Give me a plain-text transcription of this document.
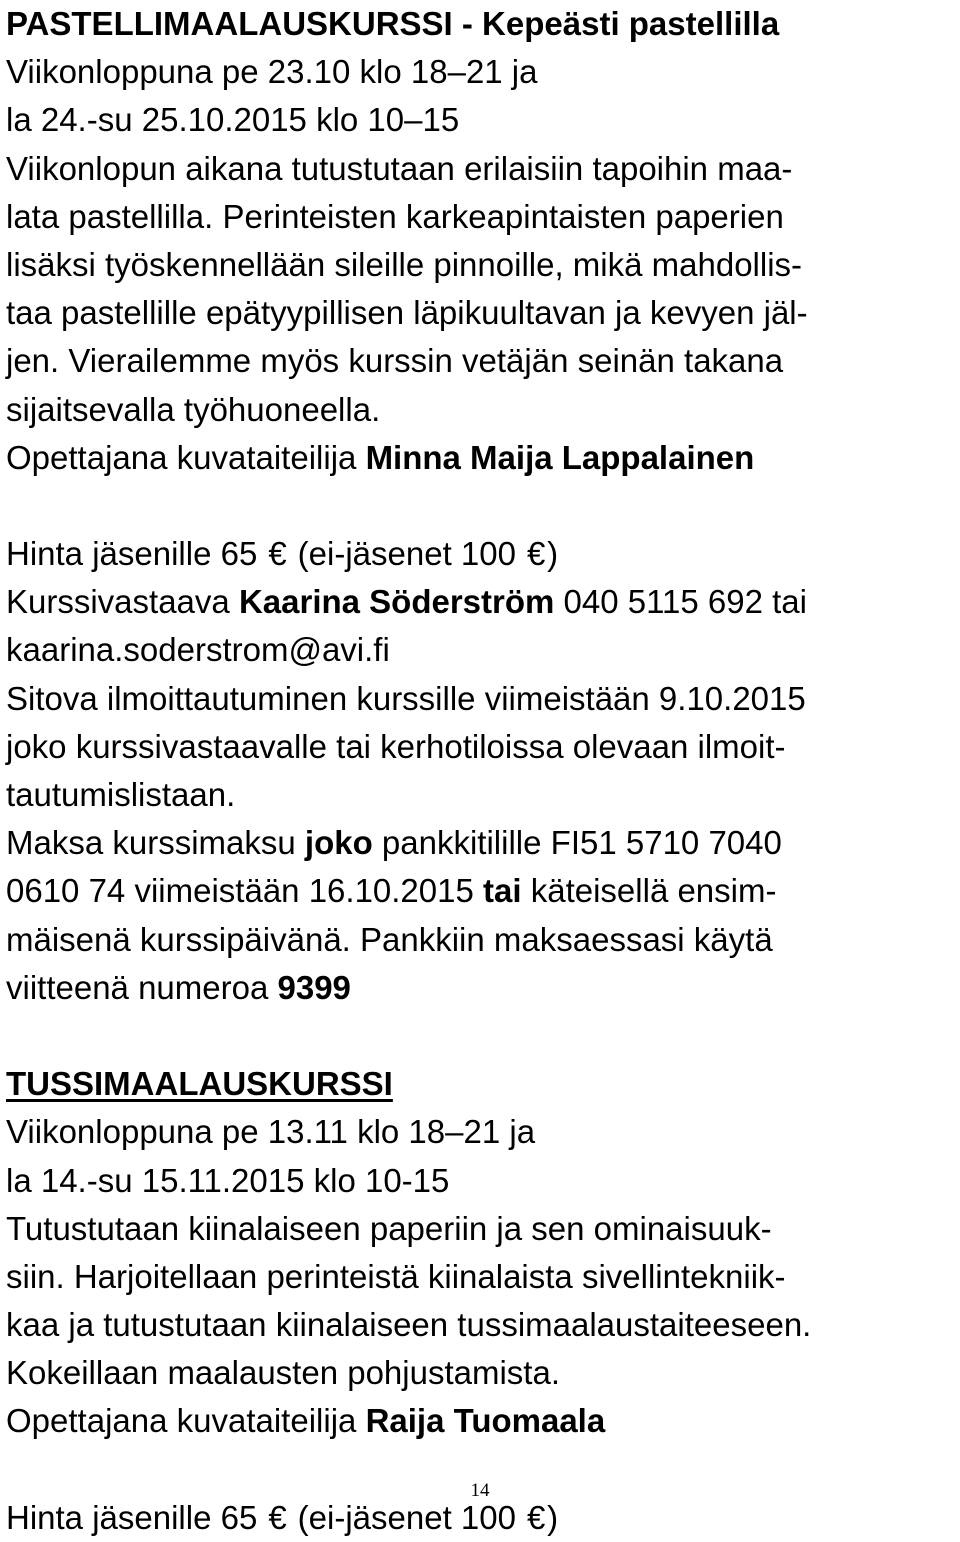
PASTELLIMAALAUSKURSSI - Kepeästi pastellilla
Viikonloppuna pe 23.10 klo 18–21 ja
la 24.-su 25.10.2015 klo 10–15
Viikonlopun aikana tutustutaan erilaisiin tapoihin maa-
lata pastellilla. Perinteisten karkeapintaisten paperien
lisäksi työskennellään sileille pinnoille, mikä mahdollis-
taa pastellille epätyypillisen läpikuultavan ja kevyen jäl-
jen. Vierailemme myös kurssin vetäjän seinän takana
sijaitsevalla työhuoneella.
Opettajana kuvataiteilija Minna Maija Lappalainen
Hinta jäsenille 65 € (ei-jäsenet 100 €)
Kurssivastaava Kaarina Söderström 040 5115 692 tai
kaarina.soderstrom@avi.fi
Sitova ilmoittautuminen kurssille viimeistään 9.10.2015
joko kurssivastaavalle tai kerhotiloissa olevaan ilmoit-
tautumislistaan.
Maksa kurssimaksu joko pankkitilille FI51 5710 7040
0610 74 viimeistään 16.10.2015 tai käteisellä ensim-
mäisenä kurssipäivänä. Pankkiin maksaessasi käytä
viitteenä numeroa 9399
TUSSIMAALAUSKURSSI
Viikonloppuna pe 13.11 klo 18–21 ja
la 14.-su 15.11.2015 klo 10-15
Tutustutaan kiinalaiseen paperiin ja sen ominaisuuk-
siin. Harjoitellaan perinteistä kiinalaista sivellintekniik-
kaa ja tutustutaan kiinalaiseen tussimaalaustaiteeseen.
Kokeillaan maalausten pohjustamista.
Opettajana kuvataiteilija Raija Tuomaala
Hinta jäsenille 65 € (ei-jäsenet 100 €)
14
